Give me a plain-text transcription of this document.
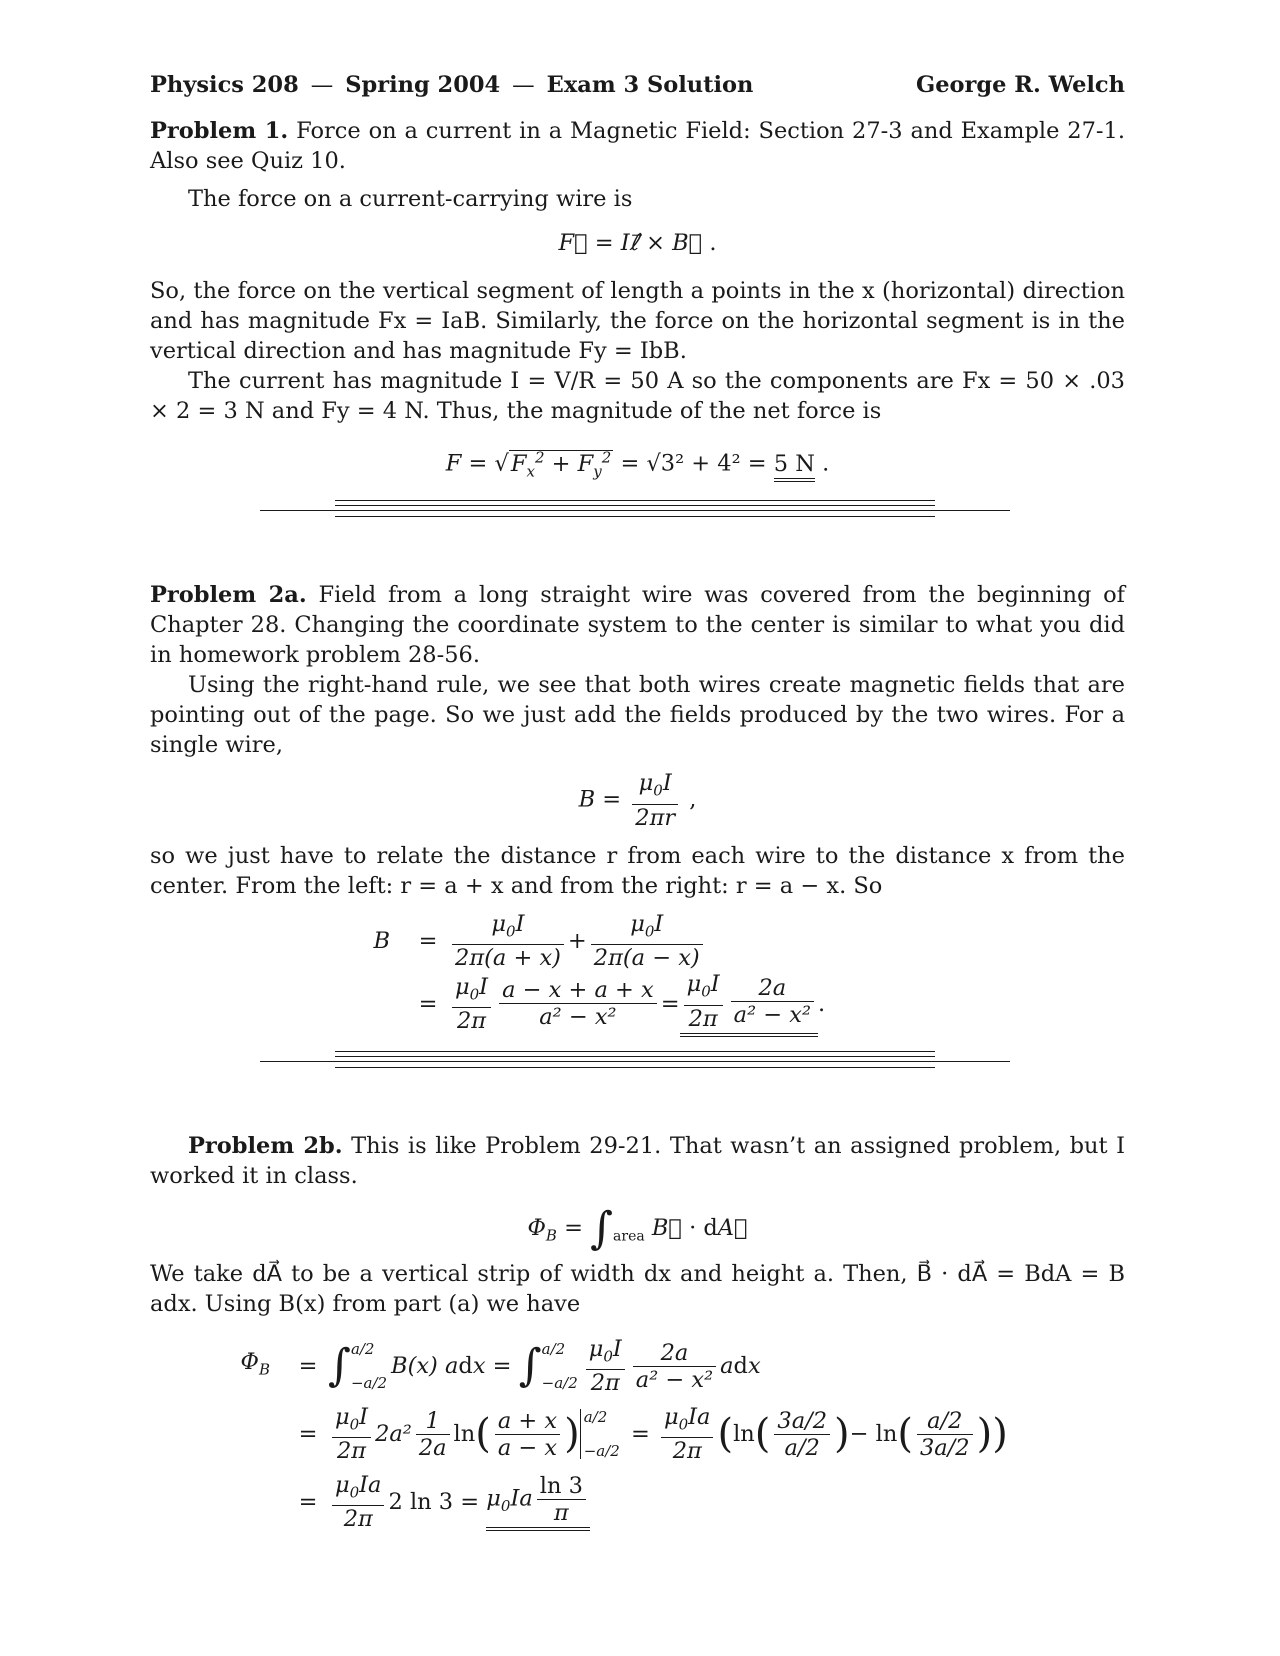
Physics 208 — Spring 2004 — Exam 3 Solution	George R. Welch

Problem 1. Force on a current in a Magnetic Field: Section 27-3 and Example 27-1. Also see Quiz 10.

The force on a current-carrying wire is

F⃗ = Iℓ⃗ × B⃗ .

So, the force on the vertical segment of length a points in the x (horizontal) direction and has magnitude Fx = IaB. Similarly, the force on the horizontal segment is in the vertical direction and has magnitude Fy = IbB.

The current has magnitude I = V/R = 50 A so the components are Fx = 50 × .03 × 2 = 3 N and Fy = 4 N. Thus, the magnitude of the net force is

$F = √F_x^2 + F_y^2 = √3^2 + 4^2 = 5$ N .

Problem 2a. Field from a long straight wire was covered from the beginning of Chapter 28. Changing the coordinate system to the center is similar to what you did in homework problem 28-56.

Using the right-hand rule, we see that both wires create magnetic fields that are pointing out of the page. So we just add the fields produced by the two wires. For a single wire,

$B = \frac{\mu_0I}{2\pi r}$ ,

so we just have to relate the distance r from each wire to the distance x from the center. From the left: r = a + x and from the right: r = a − x. So

B	= $\frac{\mu_0I}{2\pi(a + x)} + \frac{\mu_0I}{2\pi(a - x)}$
= $\frac{\mu_0I}{2\pi} \frac{a - x + a + x}{\text{a² − x²}} = \frac{\mu_0I}{2\pi} \frac{2a}{\text{a² − x²}}$ .

Problem 2b. This is like Problem 29-21. That wasn’t an assigned problem, but I worked it in class.

$\Phi_B = \int_{area}$ B⃗ · dA⃗

We take dA⃗ to be a vertical strip of width dx and height a. Then, B⃗ · dA⃗ = BdA = B adx. Using B(x) from part (a) we have

$\Phi_B$	= ∫ a/2
−a/2
B(x) a d x = ∫ a/2
$-a/2 \frac{\mu_0I}{2\pi} \frac{2a}{\text{a² − x²}}$ a d x
= $\frac{\mu_0I}{2\pi} 2a^2 \frac{1}{2a}$ ln ( $\frac{a + x}{a - x}$ ) a/2
−a/2
= $\frac{\mu_0Ia}{2\pi}$ ( ln ( $\frac{3a/2}{a/2}$ ) − ln ( $\frac{a/2}{3a/2}$ ) )
= $\frac{\mu_0Ia}{2\pi} 2$ $\ln 3 = \mu_0Ia \frac{\ln 3}{\pi}$
